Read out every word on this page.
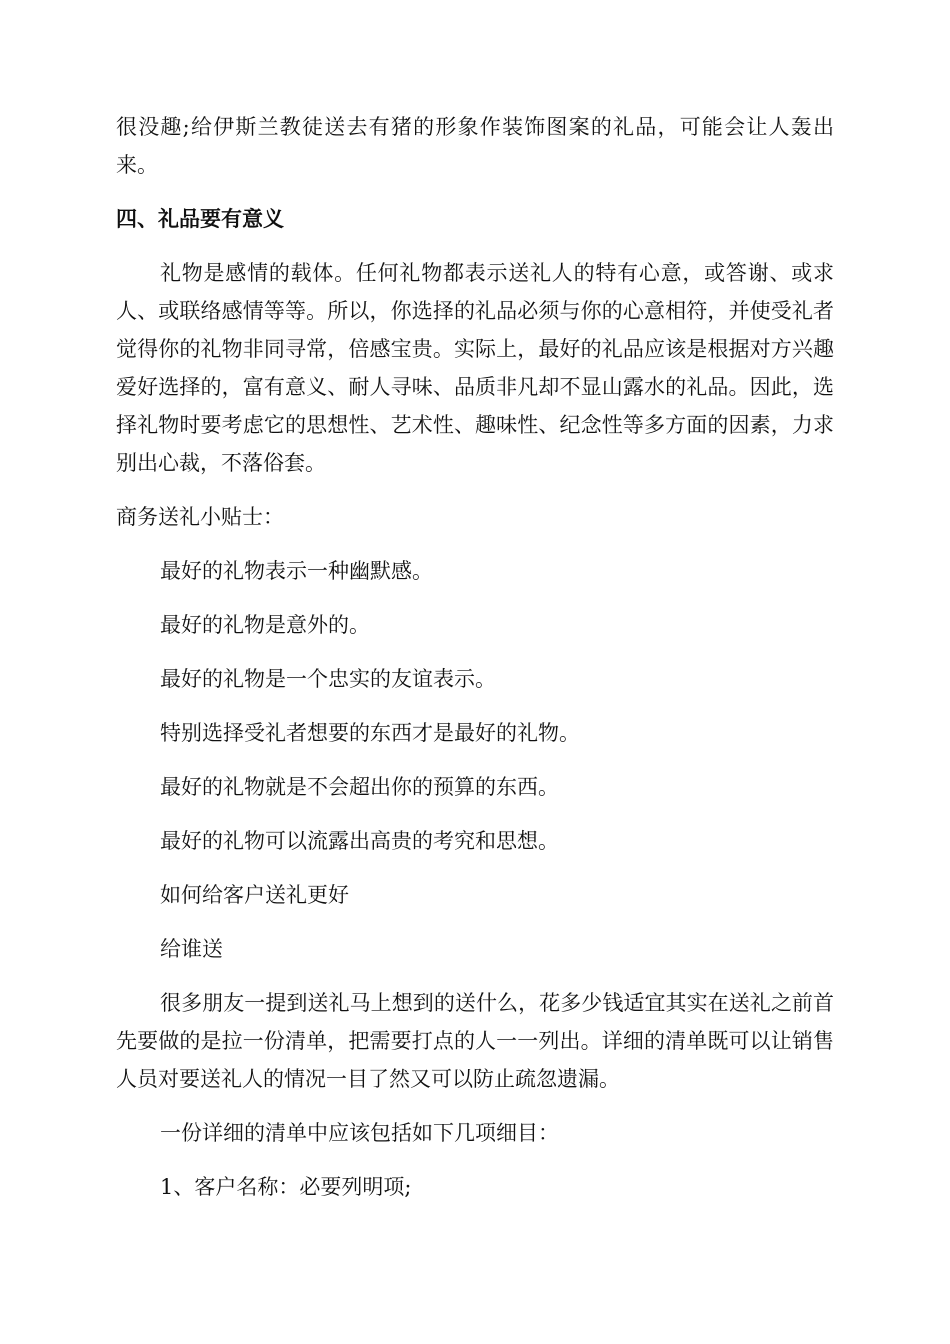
很没趣;给伊斯兰教徒送去有猪的形象作装饰图案的礼品，可能会让人轰出来。

四、礼品要有意义

礼物是感情的载体。任何礼物都表示送礼人的特有心意，或答谢、或求人、或联络感情等等。所以，你选择的礼品必须与你的心意相符，并使受礼者觉得你的礼物非同寻常，倍感宝贵。实际上，最好的礼品应该是根据对方兴趣爱好选择的，富有意义、耐人寻味、品质非凡却不显山露水的礼品。因此，选择礼物时要考虑它的思想性、艺术性、趣味性、纪念性等多方面的因素，力求别出心裁，不落俗套。

商务送礼小贴士：

最好的礼物表示一种幽默感。

最好的礼物是意外的。

最好的礼物是一个忠实的友谊表示。

特别选择受礼者想要的东西才是最好的礼物。

最好的礼物就是不会超出你的预算的东西。

最好的礼物可以流露出高贵的考究和思想。

如何给客户送礼更好

给谁送

很多朋友一提到送礼马上想到的送什么，花多少钱适宜其实在送礼之前首先要做的是拉一份清单，把需要打点的人一一列出。详细的清单既可以让销售人员对要送礼人的情况一目了然又可以防止疏忽遗漏。

一份详细的清单中应该包括如下几项细目：

1、客户名称：必要列明项;
